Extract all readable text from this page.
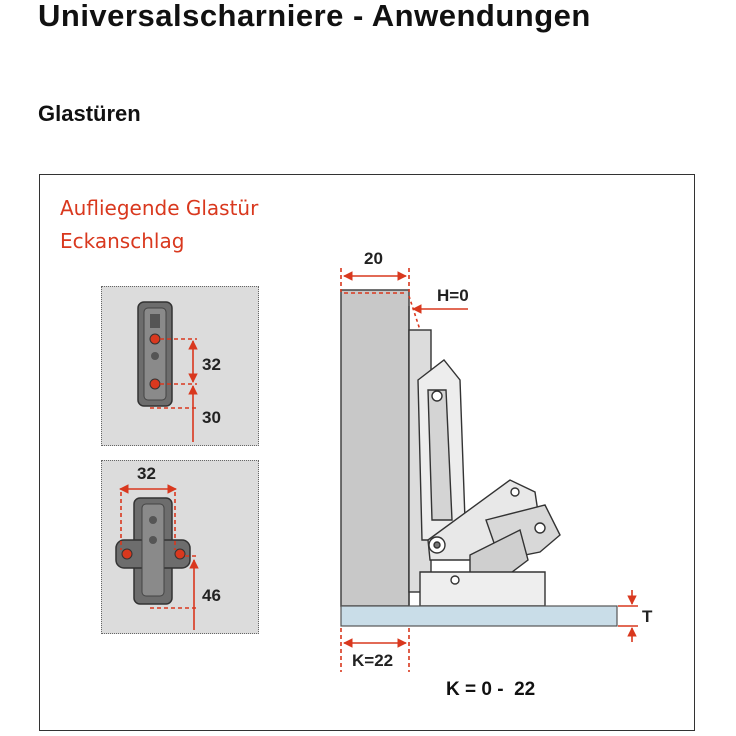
Universalscharniere - Anwendungen
Glastüren
Aufliegende Glastür
Eckanschlag
32
30
32
46
20
H=0
K=22
T
K = 0 -  22
